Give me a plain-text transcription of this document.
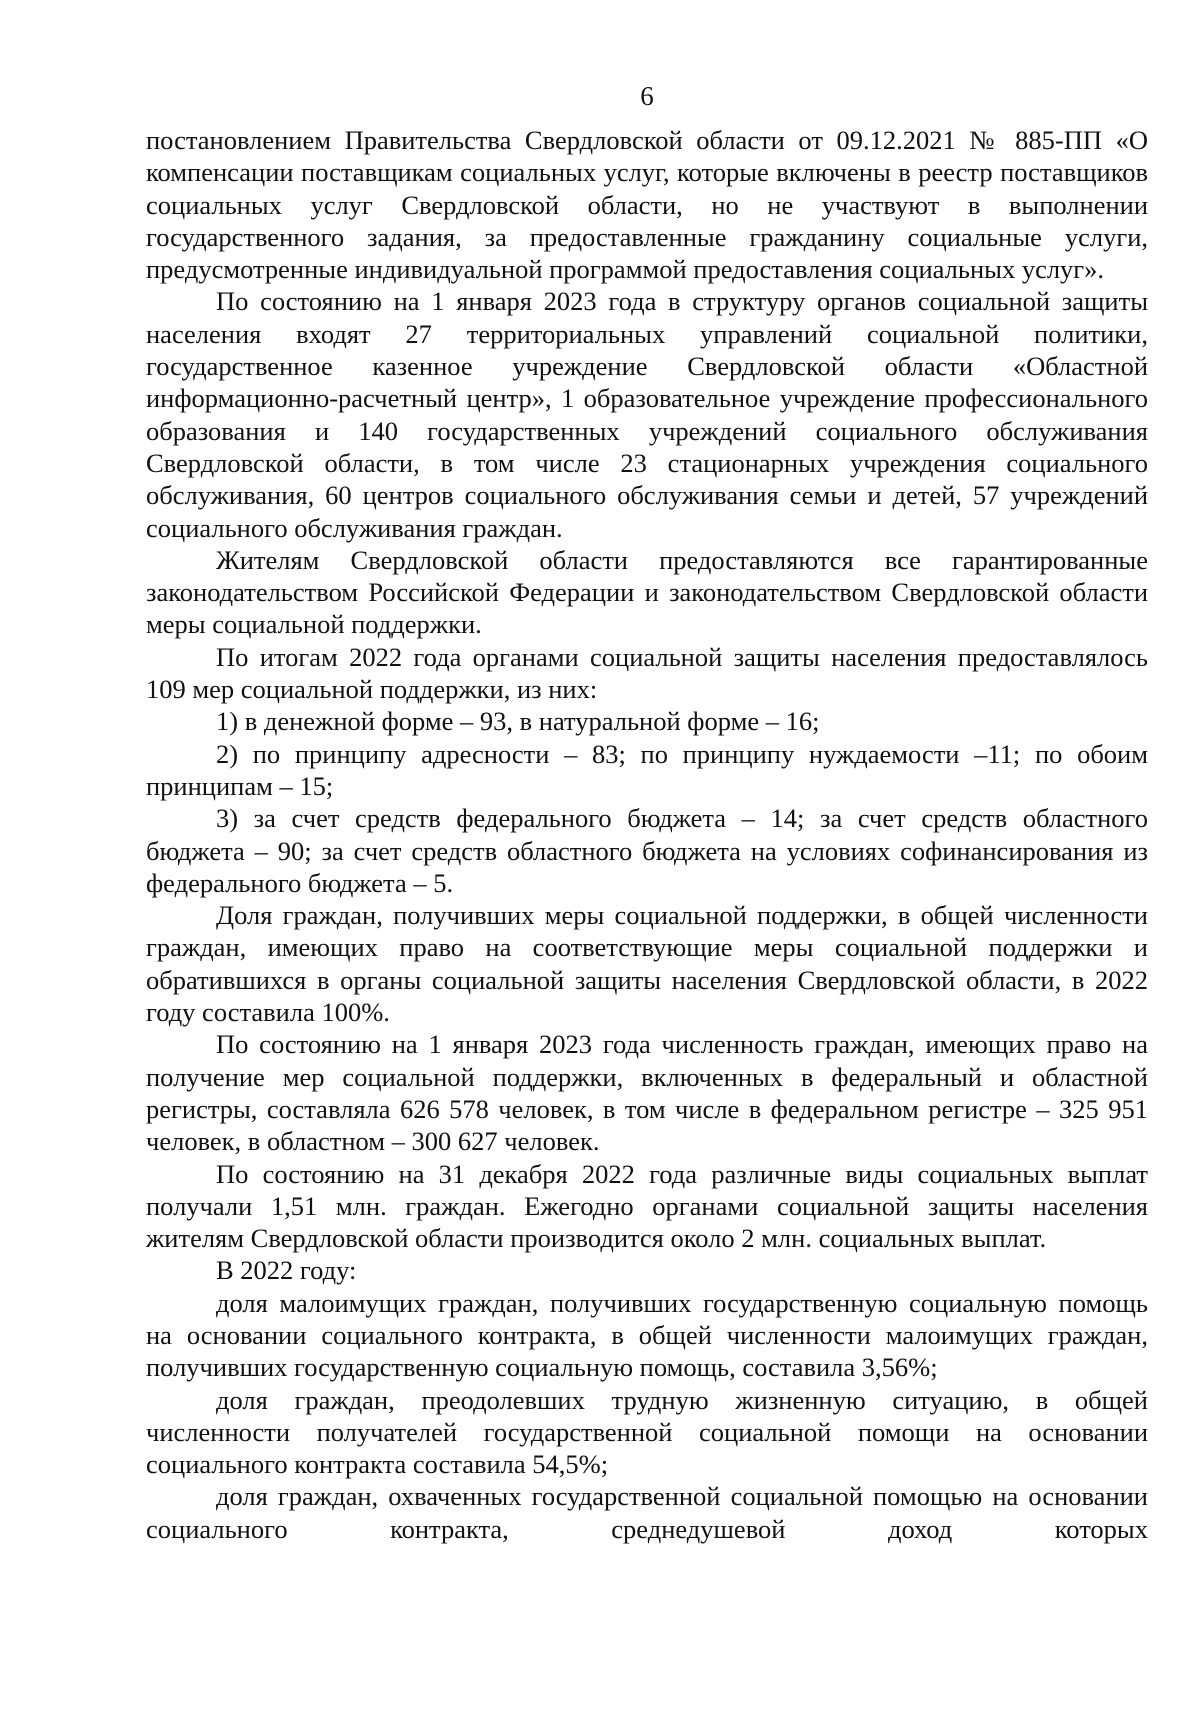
6

постановлением Правительства Свердловской области от 09.12.2021 № 885-ПП «О компенсации поставщикам социальных услуг, которые включены в реестр поставщиков социальных услуг Свердловской области, но не участвуют в выполнении государственного задания, за предоставленные гражданину социальные услуги, предусмотренные индивидуальной программой предоставления социальных услуг».

По состоянию на 1 января 2023 года в структуру органов социальной защиты населения входят 27 территориальных управлений социальной политики, государственное казенное учреждение Свердловской области «Областной информационно-расчетный центр», 1 образовательное учреждение профессионального образования и 140 государственных учреждений социального обслуживания Свердловской области, в том числе 23 стационарных учреждения социального обслуживания, 60 центров социального обслуживания семьи и детей, 57 учреждений социального обслуживания граждан.

Жителям Свердловской области предоставляются все гарантированные законодательством Российской Федерации и законодательством Свердловской области меры социальной поддержки.

По итогам 2022 года органами социальной защиты населения предоставлялось 109 мер социальной поддержки, из них:

1) в денежной форме – 93, в натуральной форме – 16;

2) по принципу адресности – 83; по принципу нуждаемости –11; по обоим принципам – 15;

3) за счет средств федерального бюджета – 14; за счет средств областного бюджета – 90; за счет средств областного бюджета на условиях софинансирования из федерального бюджета – 5.

Доля граждан, получивших меры социальной поддержки, в общей численности граждан, имеющих право на соответствующие меры социальной поддержки и обратившихся в органы социальной защиты населения Свердловской области, в 2022 году составила 100%.

По состоянию на 1 января 2023 года численность граждан, имеющих право на получение мер социальной поддержки, включенных в федеральный и областной регистры, составляла 626 578 человек, в том числе в федеральном регистре – 325 951 человек, в областном – 300 627 человек.

По состоянию на 31 декабря 2022 года различные виды социальных выплат получали 1,51 млн. граждан. Ежегодно органами социальной защиты населения жителям Свердловской области производится около 2 млн. социальных выплат.

В 2022 году:

доля малоимущих граждан, получивших государственную социальную помощь на основании социального контракта, в общей численности малоимущих граждан, получивших государственную социальную помощь, составила 3,56%;

доля граждан, преодолевших трудную жизненную ситуацию, в общей численности получателей государственной социальной помощи на основании социального контракта составила 54,5%;

доля граждан, охваченных государственной социальной помощью на основании социального контракта, среднедушевой доход которых
